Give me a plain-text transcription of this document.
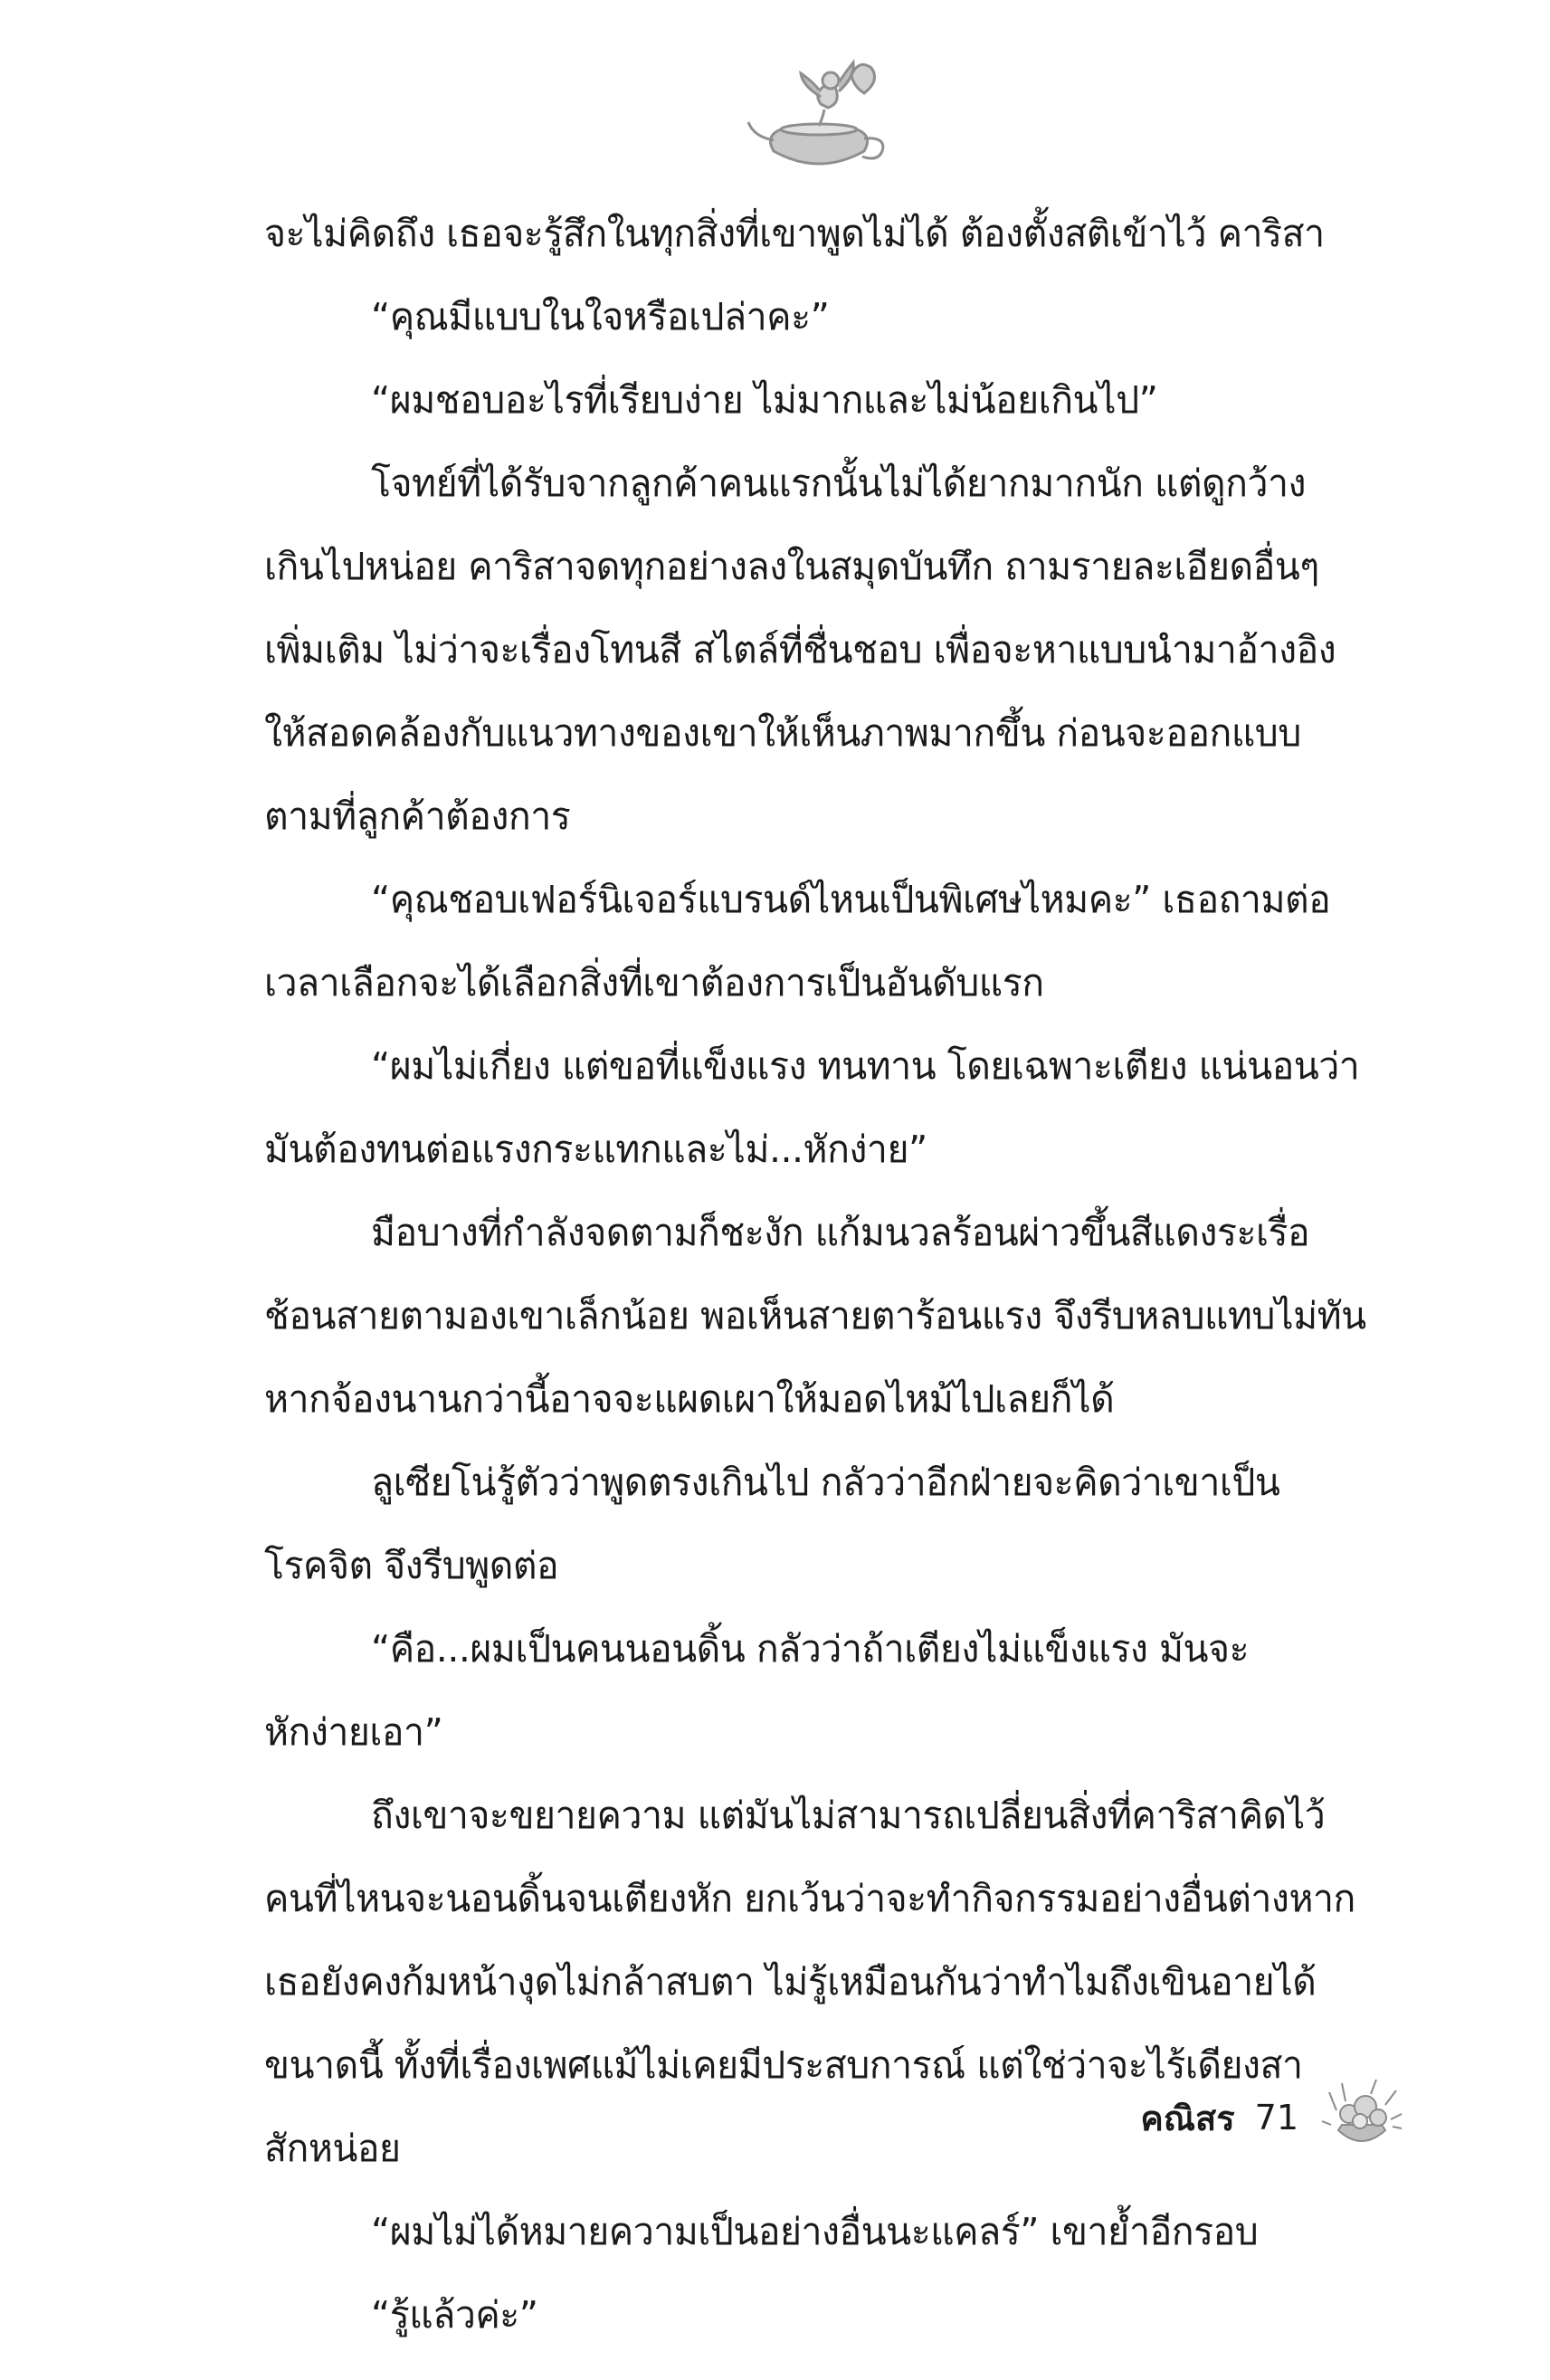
จะไม่คิดถึง เธอจะรู้สึกในทุกสิ่งที่เขาพูดไม่ได้ ต้องตั้งสติเข้าไว้ คาริสา
“คุณมีแบบในใจหรือเปล่าคะ”
“ผมชอบอะไรที่เรียบง่าย ไม่มากและไม่น้อยเกินไป”
โจทย์ที่ได้รับจากลูกค้าคนแรกนั้นไม่ได้ยากมากนัก แต่ดูกว้าง
เกินไปหน่อย คาริสาจดทุกอย่างลงในสมุดบันทึก ถามรายละเอียดอื่นๆ
เพิ่มเติม ไม่ว่าจะเรื่องโทนสี สไตล์ที่ชื่นชอบ เพื่อจะหาแบบนำมาอ้างอิง
ให้สอดคล้องกับแนวทางของเขาให้เห็นภาพมากขึ้น ก่อนจะออกแบบ
ตามที่ลูกค้าต้องการ
“คุณชอบเฟอร์นิเจอร์แบรนด์ไหนเป็นพิเศษไหมคะ” เธอถามต่อ
เวลาเลือกจะได้เลือกสิ่งที่เขาต้องการเป็นอันดับแรก
“ผมไม่เกี่ยง แต่ขอที่แข็งแรง ทนทาน โดยเฉพาะเตียง แน่นอนว่า
มันต้องทนต่อแรงกระแทกและไม่...หักง่าย”
มือบางที่กำลังจดตามก็ชะงัก แก้มนวลร้อนผ่าวขึ้นสีแดงระเรื่อ
ช้อนสายตามองเขาเล็กน้อย พอเห็นสายตาร้อนแรง จึงรีบหลบแทบไม่ทัน
หากจ้องนานกว่านี้อาจจะแผดเผาให้มอดไหม้ไปเลยก็ได้
ลูเซียโน่รู้ตัวว่าพูดตรงเกินไป กลัวว่าอีกฝ่ายจะคิดว่าเขาเป็น
โรคจิต จึงรีบพูดต่อ
“คือ...ผมเป็นคนนอนดิ้น กลัวว่าถ้าเตียงไม่แข็งแรง มันจะ
หักง่ายเอา”
ถึงเขาจะขยายความ แต่มันไม่สามารถเปลี่ยนสิ่งที่คาริสาคิดไว้
คนที่ไหนจะนอนดิ้นจนเตียงหัก ยกเว้นว่าจะทำกิจกรรมอย่างอื่นต่างหาก
เธอยังคงก้มหน้างุดไม่กล้าสบตา ไม่รู้เหมือนกันว่าทำไมถึงเขินอายได้
ขนาดนี้ ทั้งที่เรื่องเพศแม้ไม่เคยมีประสบการณ์ แต่ใช่ว่าจะไร้เดียงสา
สักหน่อย
“ผมไม่ได้หมายความเป็นอย่างอื่นนะแคลร์” เขาย้ำอีกรอบ
“รู้แล้วค่ะ”
คณิสร 71
